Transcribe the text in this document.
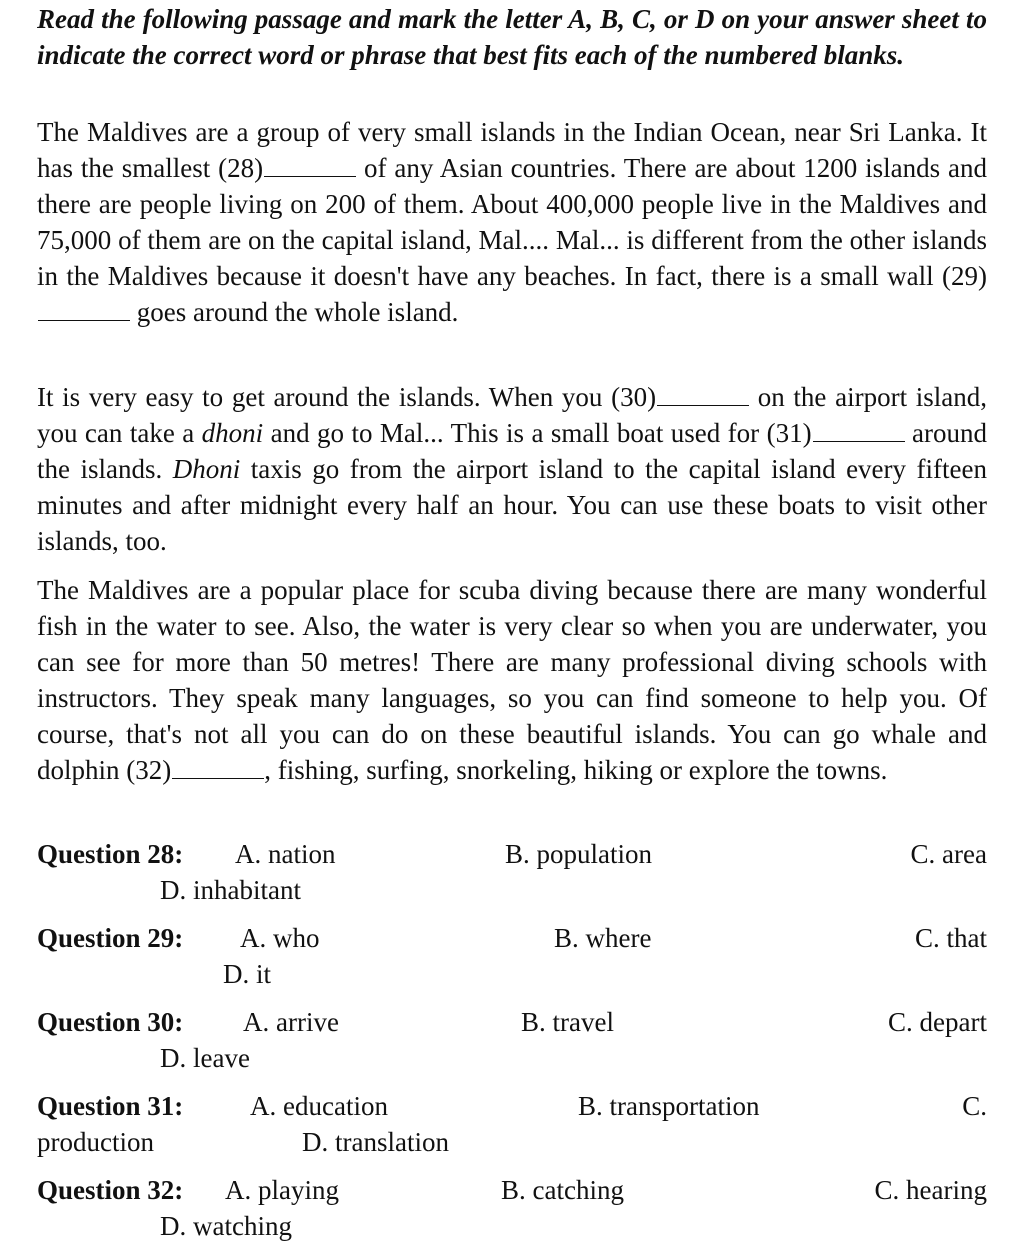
Read the following passage and mark the letter A, B, C, or D on your answer sheet to indicate the correct word or phrase that best fits each of the numbered blanks.
The Maldives are a group of very small islands in the Indian Ocean, near Sri Lanka. It has the smallest (28)	of any Asian countries. There are about 1200 islands and there are people living on 200 of them. About 400,000 people live in the Maldives and 75,000 of them are on the capital island, Mal.... Mal... is different from the other islands in the Maldives because it doesn't have any beaches. In fact, there is a small wall (29) goes around the whole island.
It is very easy to get around the islands. When you (30)	on the airport island, you can take a dhoni and go to Mal... This is a small boat used for (31)	around the islands. Dhoni taxis go from the airport island to the capital island every fifteen minutes and after midnight every half an hour. You can use these boats to visit other islands, too.
The Maldives are a popular place for scuba diving because there are many wonderful fish in the water to see. Also, the water is very clear so when you are underwater, you can see for more than 50 metres! There are many professional diving schools with instructors. They speak many languages, so you can find someone to help you. Of course, that's not all you can do on these beautiful islands. You can go whale and dolphin (32)	, fishing, surfing, snorkeling, hiking or explore the towns.
Question 28: A. nation	B. population	C. area
D. inhabitant
Question 29: A. who	B. where	C. that
D. it
Question 30: A. arrive	B. travel	C. depart
D. leave
Question 31: A. education	B. transportation	C.
production	D. translation
Question 32: A. playing	B. catching	C. hearing
D. watching
